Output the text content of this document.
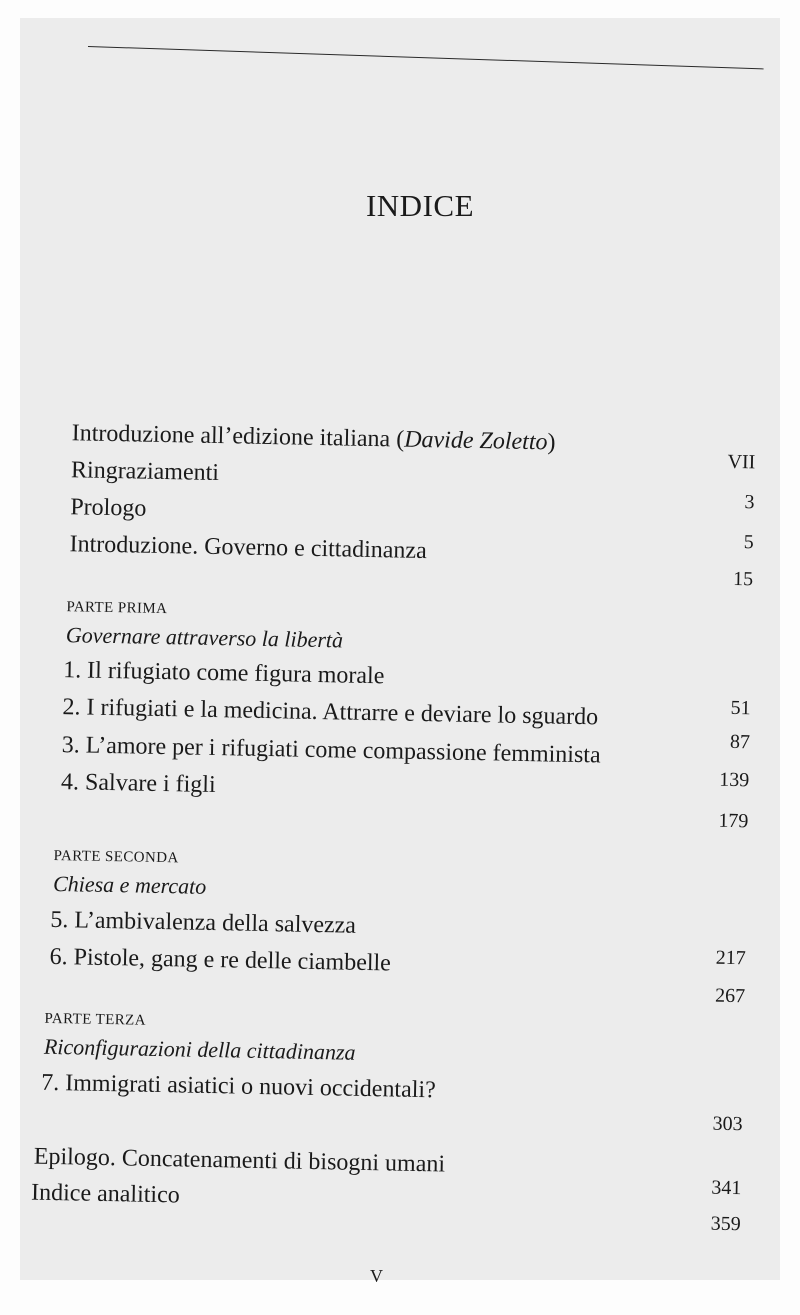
INDICE
Introduzione all’edizione italiana (Davide Zoletto)
VII
Ringraziamenti
3
Prologo
5
Introduzione. Governo e cittadinanza
15
PARTE PRIMA
Governare attraverso la libertà
1. Il rifugiato come figura morale
51
2. I rifugiati e la medicina. Attrarre e deviare lo sguardo
87
3. L’amore per i rifugiati come compassione femminista
139
4. Salvare i figli
179
PARTE SECONDA
Chiesa e mercato
5. L’ambivalenza della salvezza
217
6. Pistole, gang e re delle ciambelle
267
PARTE TERZA
Riconfigurazioni della cittadinanza
7. Immigrati asiatici o nuovi occidentali?
303
Epilogo. Concatenamenti di bisogni umani
341
Indice analitico
359
V
